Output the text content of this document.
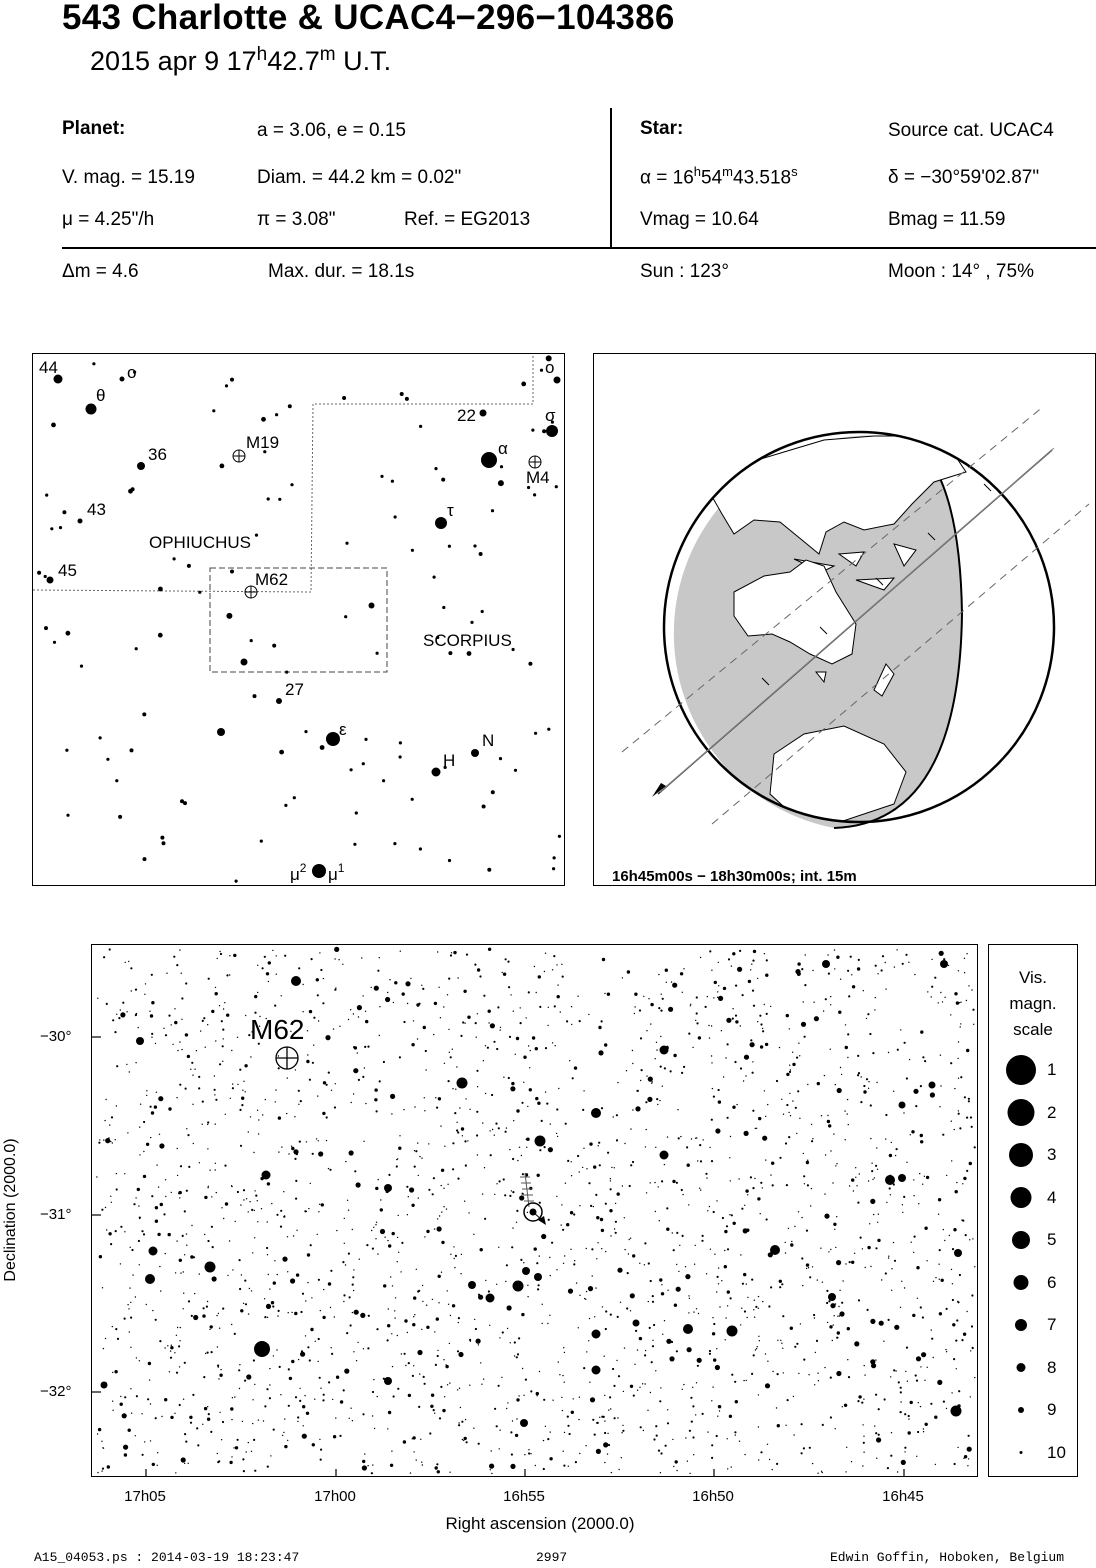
543 Charlotte & UCAC4−296−104386
2015 apr 9 17$^h$42.7$^m$ U.T.
Planet:	a = 3.06, e = 0.15
V. mag. = 15.19	Diam. = 44.2 km = 0.02"
μ = 4.25"/h	π = 3.08"	Ref. = EG2013
Star:	Source cat. UCAC4
$\alpha = 16^h54^m43.518^s$	δ = −30°59'02.87"
Vmag = 10.64	Bmag = 11.59
Δm = 4.6	Max. dur. = 18.1s	Sun : 123°	Moon : 14° , 75%
44	o
θ
M19
36
43
45	M62
27
ε
H
N
$\mu^2$ $\mu^1$
22
α
M4
τ
o
σ
OPHIUCHUS
SCORPIUS
16h45m00s − 18h30m00s; int. 15m
M62
17h05	17h00	16h55	16h50	16h45
Right ascension (2000.0)
−30°
−31°
−32°
Declination (2000.0)
Vis.
magn.
scale
1
2
3
4
5
6
7
8
9
10
A15_04053.ps : 2014-03-19 18:23:47	2997	Edwin Goffin, Hoboken, Belgium
